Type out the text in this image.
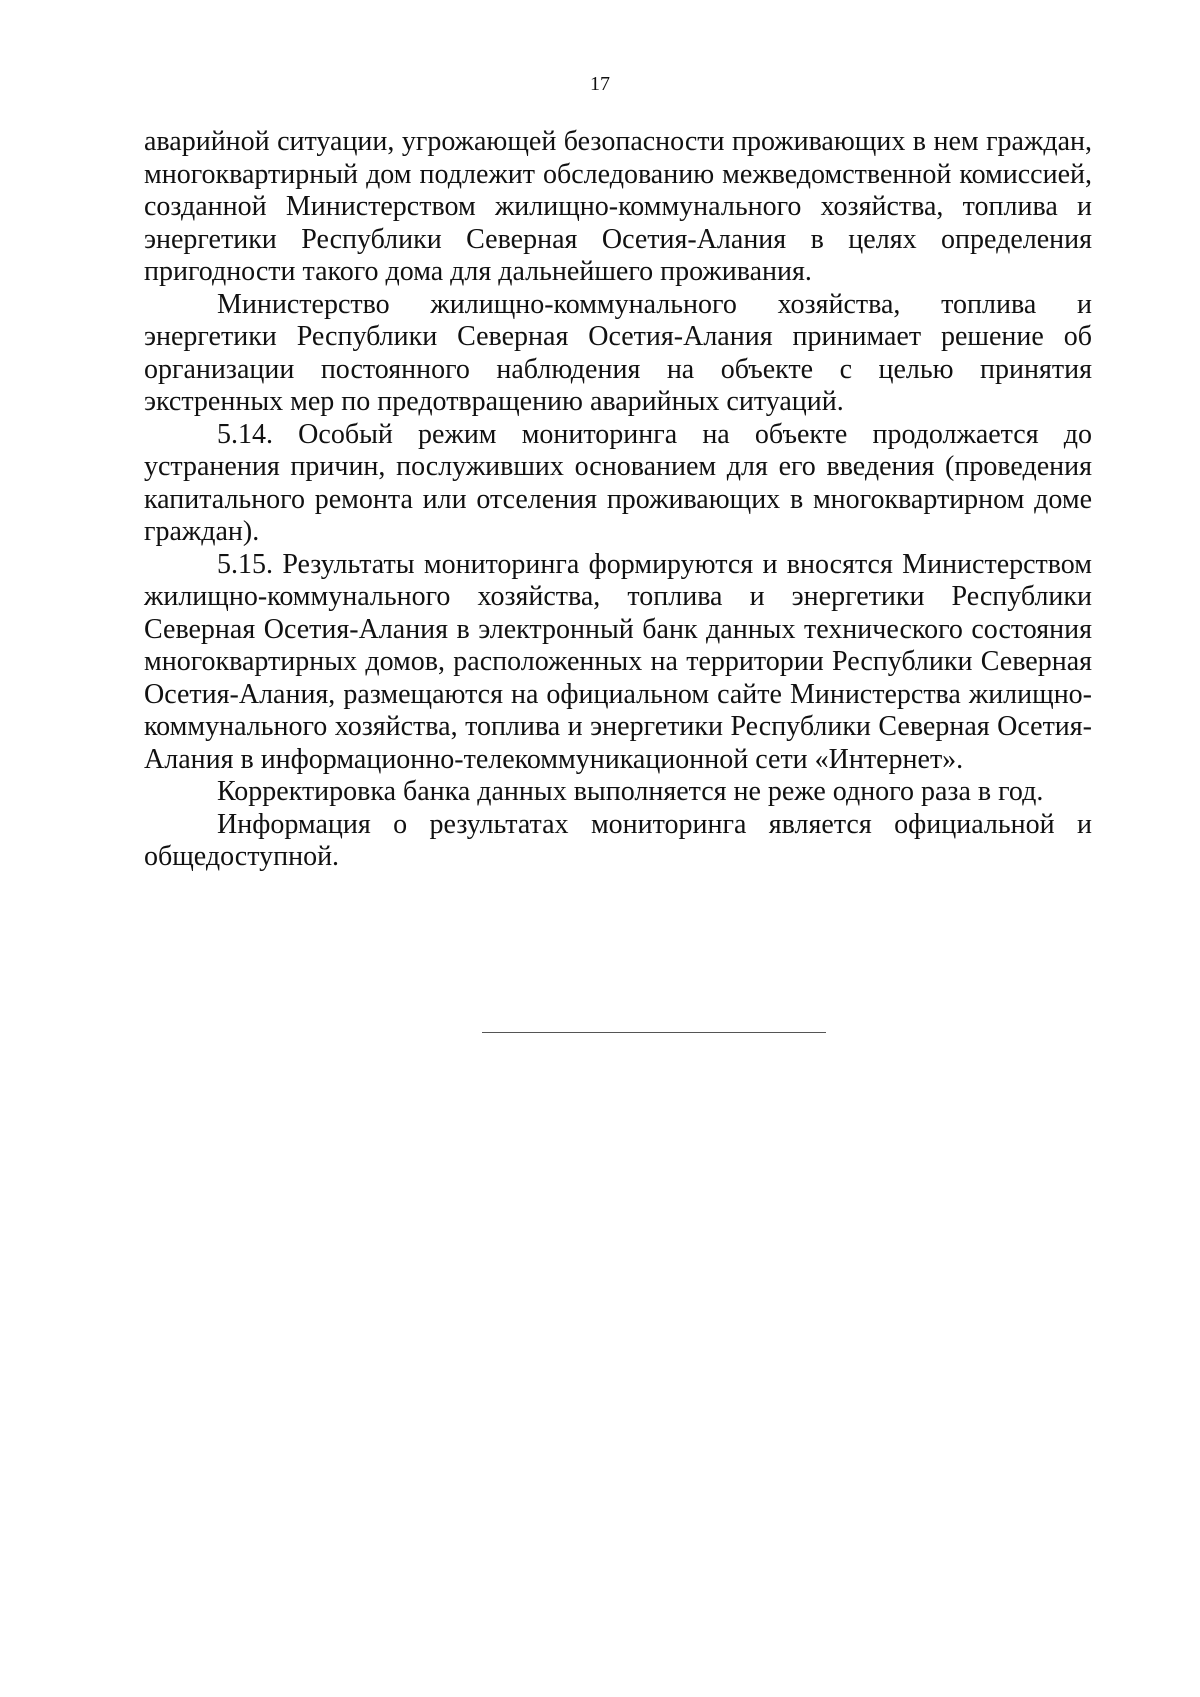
17

аварийной ситуации, угрожающей безопасности проживающих в нем граждан, многоквартирный дом подлежит обследованию межведомственной комиссией, созданной Министерством жилищно-коммунального хозяйства, топлива и энергетики Республики Северная Осетия-Алания в целях определения пригодности такого дома для дальнейшего проживания.

Министерство жилищно-коммунального хозяйства, топлива и энергетики Республики Северная Осетия-Алания принимает решение об организации постоянного наблюдения на объекте с целью принятия экстренных мер по предотвращению аварийных ситуаций.

5.14. Особый режим мониторинга на объекте продолжается до устранения причин, послуживших основанием для его введения (проведения капитального ремонта или отселения проживающих в многоквартирном доме граждан).

5.15. Результаты мониторинга формируются и вносятся Министерством жилищно-коммунального хозяйства, топлива и энергетики Республики Северная Осетия-Алания в электронный банк данных технического состояния многоквартирных домов, расположенных на территории Республики Северная Осетия-Алания, размещаются на официальном сайте Министерства жилищно-коммунального хозяйства, топлива и энергетики Республики Северная Осетия-Алания в информационно-телекоммуникационной сети «Интернет».

Корректировка банка данных выполняется не реже одного раза в год.

Информация о результатах мониторинга является официальной и общедоступной.
